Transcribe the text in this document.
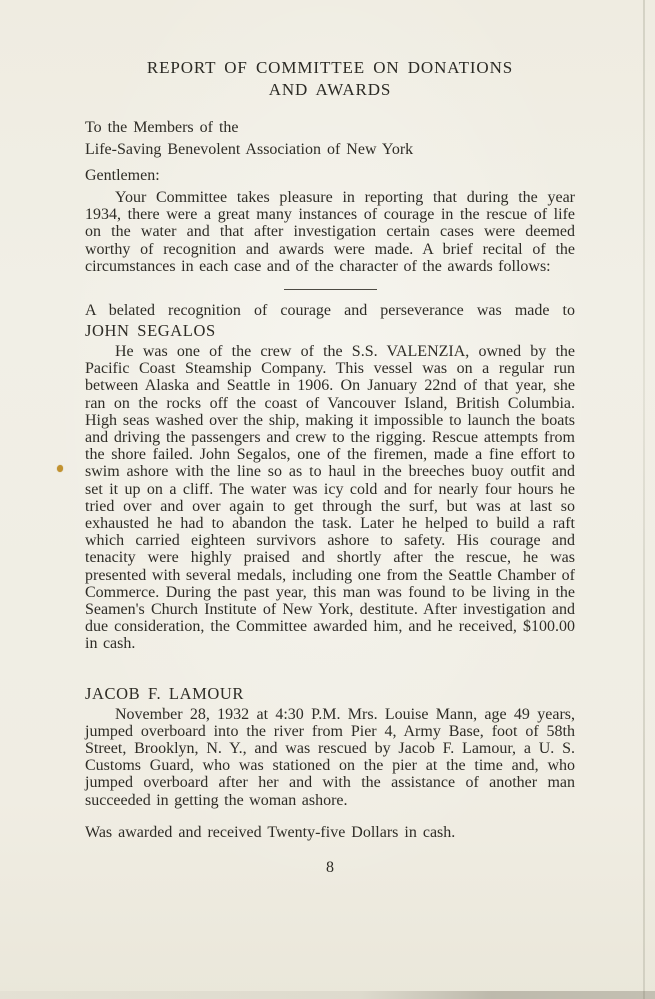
REPORT OF COMMITTEE ON DONATIONS
AND AWARDS
To the Members of the
Life-Saving Benevolent Association of New York
Gentlemen:

Your Committee takes pleasure in reporting that during the year 1934, there were a great many instances of courage in the rescue of life on the water and that after investigation certain cases were deemed worthy of recognition and awards were made. A brief recital of the circumstances in each case and of the character of the awards follows:

A belated recognition of courage and perseverance was made to

JOHN SEGALOS

He was one of the crew of the S.S. VALENZIA, owned by the Pacific Coast Steamship Company. This vessel was on a regular run between Alaska and Seattle in 1906. On January 22nd of that year, she ran on the rocks off the coast of Vancouver Island, British Columbia. High seas washed over the ship, making it impossible to launch the boats and driving the passengers and crew to the rigging. Rescue attempts from the shore failed. John Segalos, one of the firemen, made a fine effort to swim ashore with the line so as to haul in the breeches buoy outfit and set it up on a cliff. The water was icy cold and for nearly four hours he tried over and over again to get through the surf, but was at last so exhausted he had to abandon the task. Later he helped to build a raft which carried eighteen survivors ashore to safety. His courage and tenacity were highly praised and shortly after the rescue, he was presented with several medals, including one from the Seattle Chamber of Commerce. During the past year, this man was found to be living in the Seamen's Church Institute of New York, destitute. After investigation and due consideration, the Committee awarded him, and he received, $100.00 in cash.

JACOB F. LAMOUR

November 28, 1932 at 4:30 P.M. Mrs. Louise Mann, age 49 years, jumped overboard into the river from Pier 4, Army Base, foot of 58th Street, Brooklyn, N. Y., and was rescued by Jacob F. Lamour, a U. S. Customs Guard, who was stationed on the pier at the time and, who jumped overboard after her and with the assistance of another man succeeded in getting the woman ashore.

Was awarded and received Twenty-five Dollars in cash.

8
